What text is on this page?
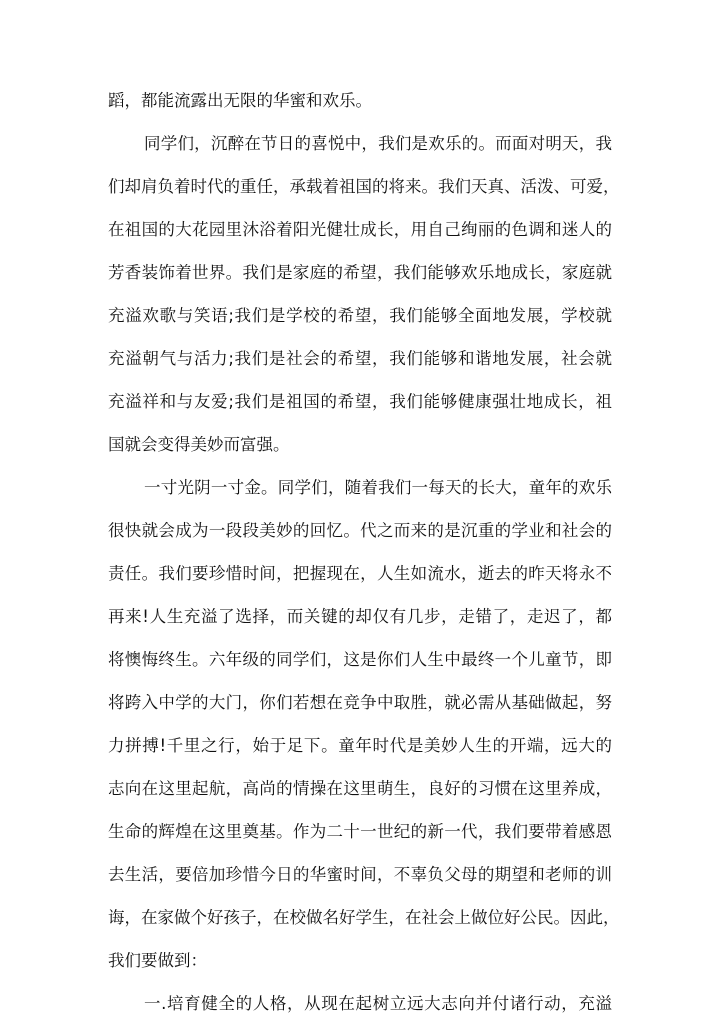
蹈，都能流露出无限的华蜜和欢乐。
同学们，沉醉在节日的喜悦中，我们是欢乐的。而面对明天，我
们却肩负着时代的重任，承载着祖国的将来。我们天真、活泼、可爱，
在祖国的大花园里沐浴着阳光健壮成长，用自己绚丽的色调和迷人的
芳香装饰着世界。我们是家庭的希望，我们能够欢乐地成长，家庭就
充溢欢歌与笑语;我们是学校的希望，我们能够全面地发展，学校就
充溢朝气与活力;我们是社会的希望，我们能够和谐地发展，社会就
充溢祥和与友爱;我们是祖国的希望，我们能够健康强壮地成长，祖
国就会变得美妙而富强。
一寸光阴一寸金。同学们，随着我们一每天的长大，童年的欢乐
很快就会成为一段段美妙的回忆。代之而来的是沉重的学业和社会的
责任。我们要珍惜时间，把握现在，人生如流水，逝去的昨天将永不
再来!人生充溢了选择，而关键的却仅有几步，走错了，走迟了，都
将懊悔终生。六年级的同学们，这是你们人生中最终一个儿童节，即
将跨入中学的大门，你们若想在竞争中取胜，就必需从基础做起，努
力拼搏!千里之行，始于足下。童年时代是美妙人生的开端，远大的
志向在这里起航，高尚的情操在这里萌生，良好的习惯在这里养成，
生命的辉煌在这里奠基。作为二十一世纪的新一代，我们要带着感恩
去生活，要倍加珍惜今日的华蜜时间，不辜负父母的期望和老师的训
诲，在家做个好孩子，在校做名好学生，在社会上做位好公民。因此，
我们要做到：
一.培育健全的人格，从现在起树立远大志向并付诸行动，充溢
